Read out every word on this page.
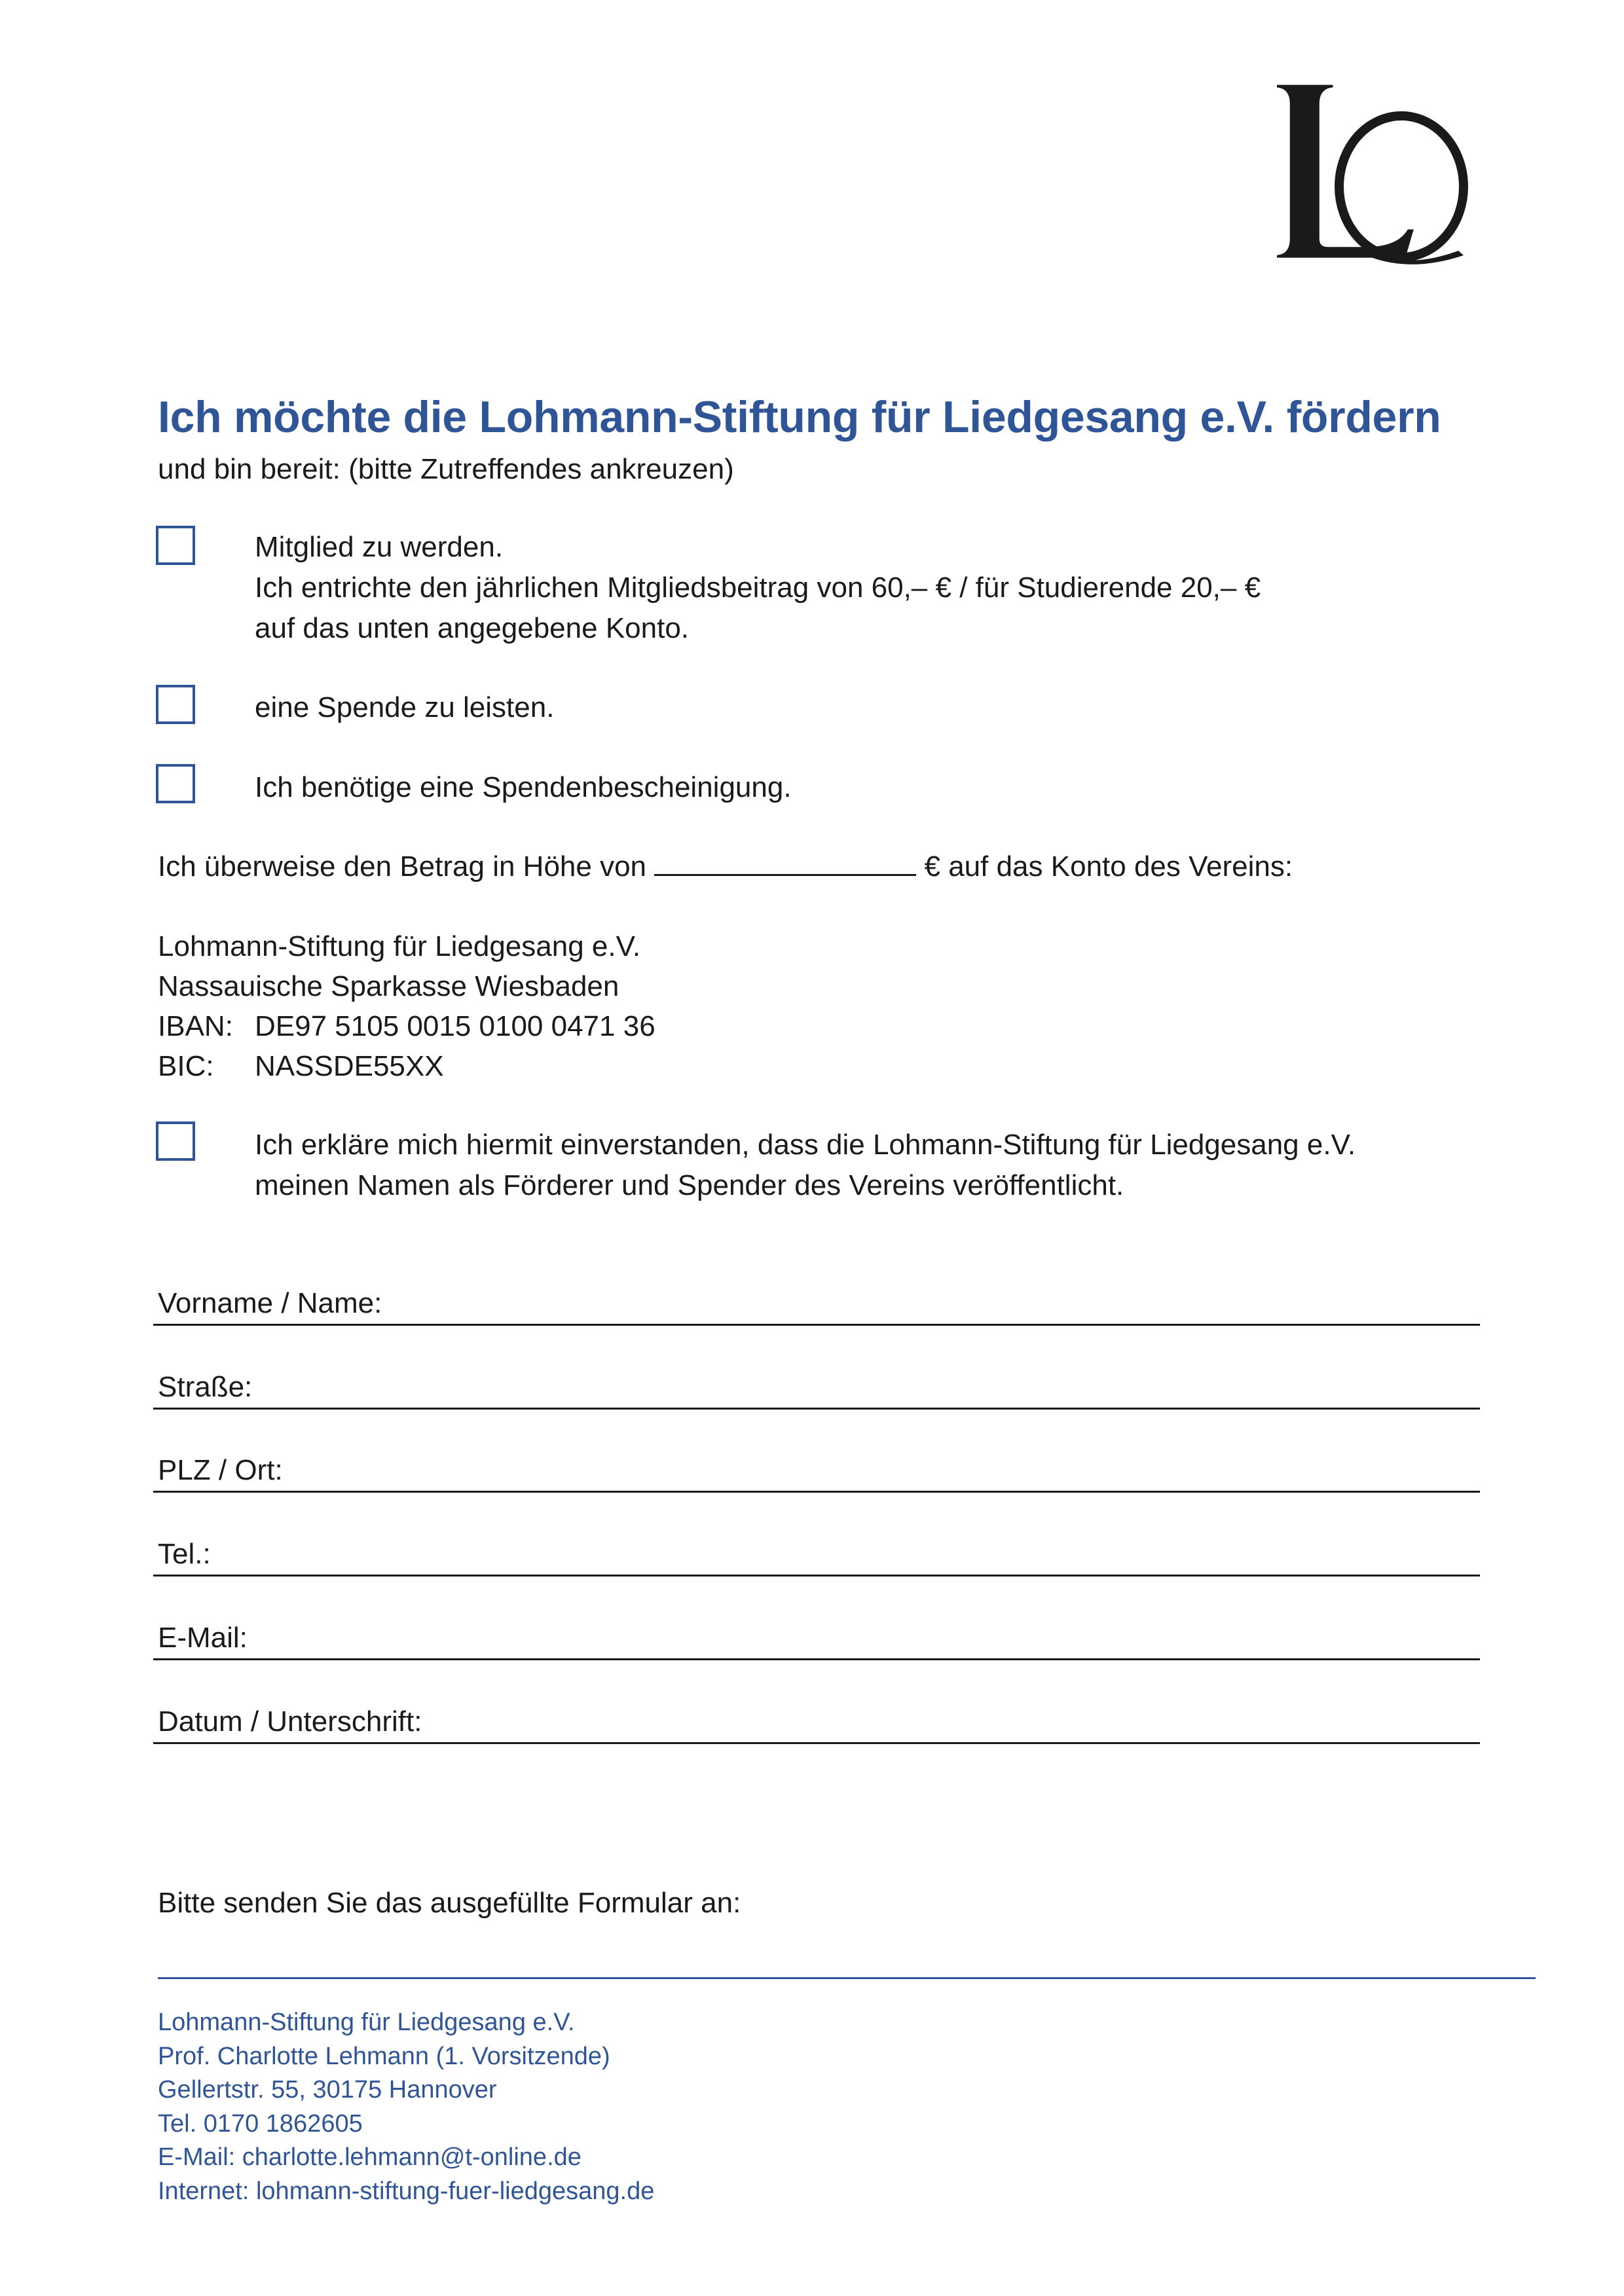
Ich möchte die Lohmann-Stiftung für Liedgesang e.V. fördern
und bin bereit: (bitte Zutreffendes ankreuzen)
Mitglied zu werden.
Ich entrichte den jährlichen Mitgliedsbeitrag von 60,– € / für Studierende 20,– €
auf das unten angegebene Konto.
eine Spende zu leisten.
Ich benötige eine Spendenbescheinigung.
Ich überweise den Betrag in Höhe von	€ auf das Konto des Vereins:
Lohmann-Stiftung für Liedgesang e.V.
Nassauische Sparkasse Wiesbaden
IBAN: DE97 5105 0015 0100 0471 36
BIC: NASSDE55XX
Ich erkläre mich hiermit einverstanden, dass die Lohmann-Stiftung für Liedgesang e.V.
meinen Namen als Förderer und Spender des Vereins veröffentlicht.
Vorname / Name:
Straße:
PLZ / Ort:
Tel.:
E-Mail:
Datum / Unterschrift:
Bitte senden Sie das ausgefüllte Formular an:
Lohmann-Stiftung für Liedgesang e.V.
Prof. Charlotte Lehmann (1. Vorsitzende)
Gellertstr. 55, 30175 Hannover
Tel. 0170 1862605
E-Mail: charlotte.lehmann@t-online.de
Internet: lohmann-stiftung-fuer-liedgesang.de
